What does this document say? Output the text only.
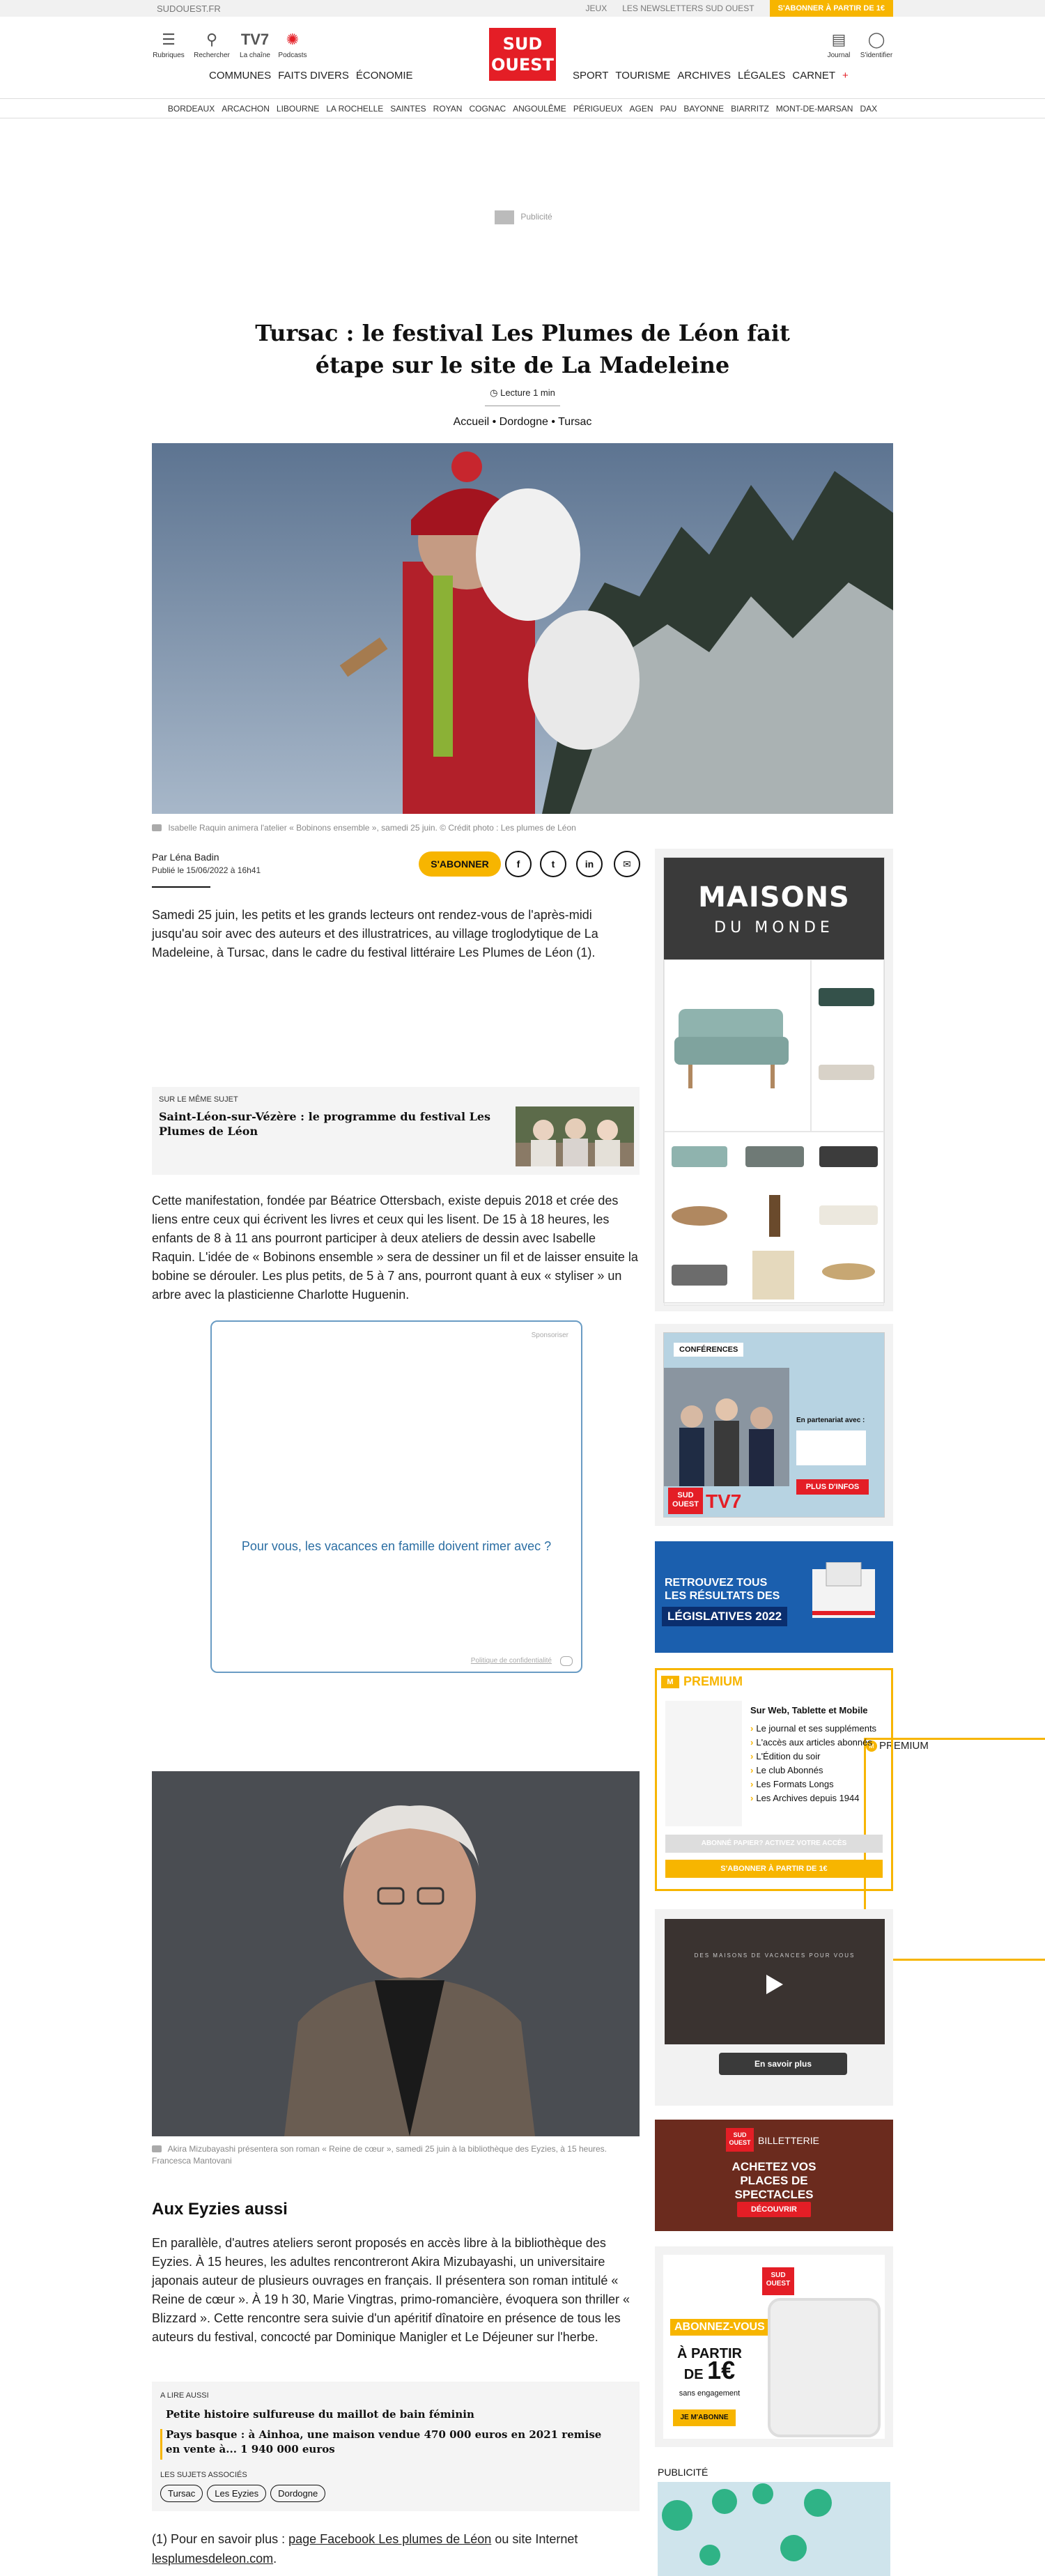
SUDOUEST.FR	JEUX LES NEWSLETTERS SUD OUEST	S'ABONNER À PARTIR DE 1€
☰
Rubriques
⚲
Rechercher
TV7
La chaîne
✺
Podcasts
SUD
OUEST
M PREMIUM
COMMUNES FAITS DIVERS ÉCONOMIE	SPORT TOURISME ARCHIVES LÉGALES CARNET +
▤
Journal
◯
S'identifier
BORDEAUX ARCACHON LIBOURNE LA ROCHELLE SAINTES ROYAN COGNAC ANGOULÊME PÉRIGUEUX AGEN PAU BAYONNE BIARRITZ MONT-DE-MARSAN DAX
Publicité
Tursac : le festival Les Plumes de Léon fait étape sur le site de La Madeleine
◷ Lecture 1 min
Accueil • Dordogne • Tursac
Isabelle Raquin animera l'atelier « Bobinons ensemble », samedi 25 juin. © Crédit photo : Les plumes de Léon
Par Léna Badin
Publié le 15/06/2022 à 16h41
S'ABONNER	f	t	in	✉

Samedi 25 juin, les petits et les grands lecteurs ont rendez-vous de l'après-midi jusqu'au soir avec des auteurs et des illustratrices, au village troglodytique de La Madeleine, à Tursac, dans le cadre du festival littéraire Les Plumes de Léon (1).

SUR LE MÊME SUJET
Saint-Léon-sur-Vézère : le programme du festival Les Plumes de Léon

Cette manifestation, fondée par Béatrice Ottersbach, existe depuis 2018 et crée des liens entre ceux qui écrivent les livres et ceux qui les lisent. De 15 à 18 heures, les enfants de 8 à 11 ans pourront participer à deux ateliers de dessin avec Isabelle Raquin. L'idée de « Bobinons ensemble » sera de dessiner un fil et de laisser ensuite la bobine se dérouler. Les plus petits, de 5 à 7 ans, pourront quant à eux « styliser » un arbre avec la plasticienne Charlotte Huguenin.

Sponsoriser
Pour vous, les vacances en famille doivent rimer avec ?
Politique de confidentialité
Akira Mizubayashi présentera son roman « Reine de cœur », samedi 25 juin à la bibliothèque des Eyzies, à 15 heures. Francesca Mantovani
Aux Eyzies aussi

En parallèle, d'autres ateliers seront proposés en accès libre à la bibliothèque des Eyzies. À 15 heures, les adultes rencontreront Akira Mizubayashi, un universitaire japonais auteur de plusieurs ouvrages en français. Il présentera son roman intitulé « Reine de cœur ». À 19 h 30, Marie Vingtras, primo-romancière, évoquera son thriller « Blizzard ». Cette rencontre sera suivie d'un apéritif dînatoire en présence de tous les auteurs du festival, concocté par Dominique Manigler et Le Déjeuner sur l'herbe.

A LIRE AUSSI
Petite histoire sulfureuse du maillot de bain féminin
Pays basque : à Ainhoa, une maison vendue 470 000 euros en 2021 remise en vente à... 1 940 000 euros
LES SUJETS ASSOCIÉS
Tursac	Les Eyzies	Dordogne

(1) Pour en savoir plus : page Facebook Les plumes de Léon ou site Internet
lesplumesdeleon.com.

MAISONS
DU MONDE
CONFÉRENCES
En partenariat avec :
SUD OUEST TV7
PLUS D'INFOS
RETROUVEZ TOUS LES RÉSULTATS DES
LÉGISLATIVES 2022
M PREMIUM
Sur Web, Tablette et Mobile
› Le journal et ses suppléments
› L'accès aux articles abonnés
› L'Édition du soir
› Le club Abonnés
› Les Formats Longs
› Les Archives depuis 1944
ABONNÉ PAPIER? ACTIVEZ VOTRE ACCÈS
S'ABONNER À PARTIR DE 1€
DES MAISONS DE VACANCES POUR VOUS
En savoir plus
SUD OUEST BILLETTERIE
ACHETEZ VOS PLACES DE SPECTACLES
DÉCOUVRIR
SUD OUEST
ABONNEZ-VOUS
À PARTIR
DE 1€
sans engagement
JE M'ABONNE
PUBLICITÉ
